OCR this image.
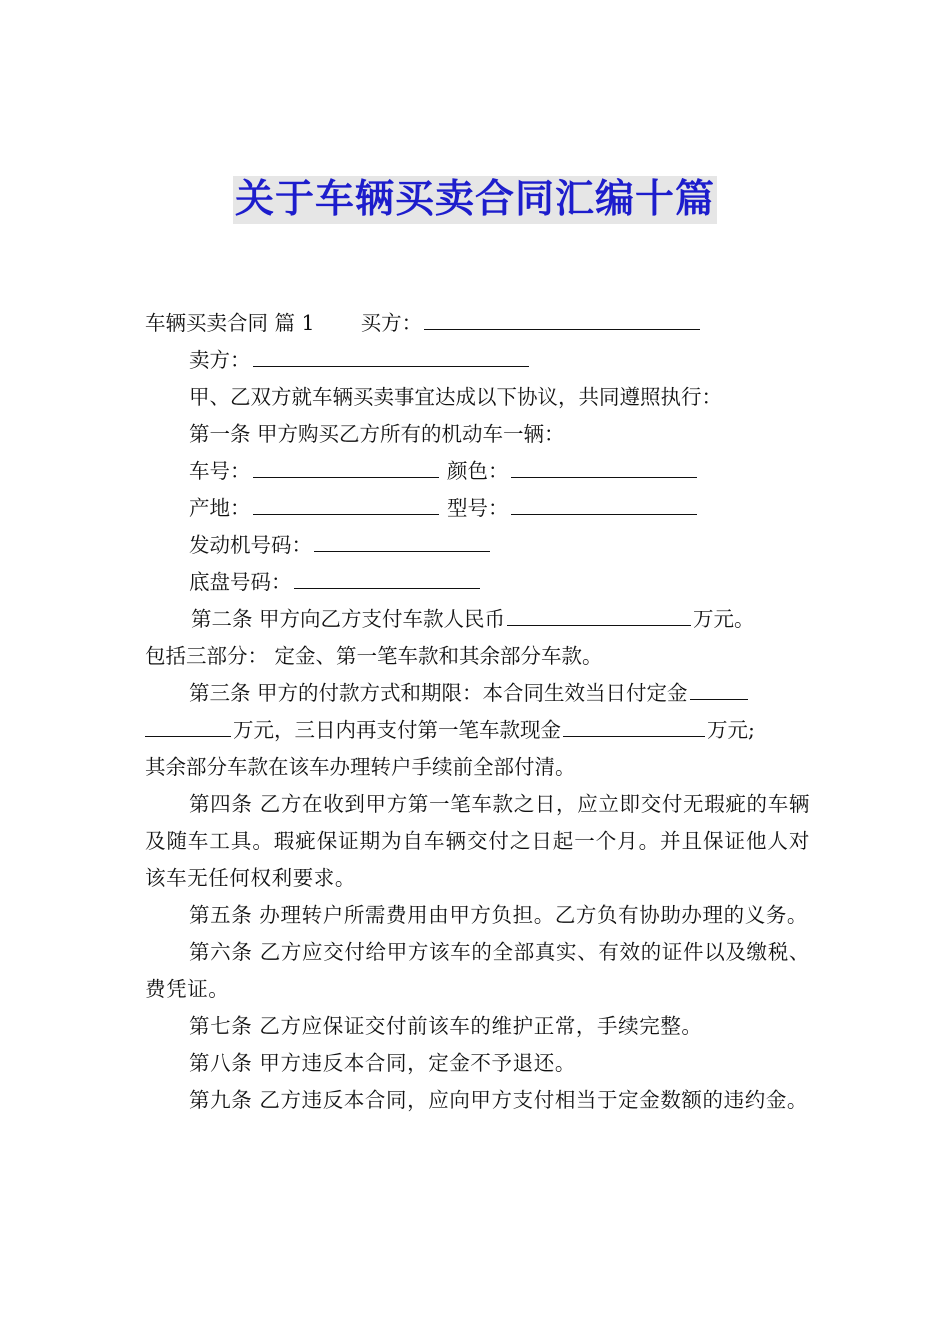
关于车辆买卖合同汇编十篇
车辆买卖合同 篇 1 买方：
卖方：
甲、乙双方就车辆买卖事宜达成以下协议，共同遵照执行：
第一条 甲方购买乙方所有的机动车一辆：
车号：	颜色：
产地：	型号：
发动机号码：
底盘号码：
第二条 甲方向乙方支付车款人民币	万元。
包括三部分： 定金、第一笔车款和其余部分车款。
第三条 甲方的付款方式和期限：本合同生效当日付定金
万元，三日内再支付第一笔车款现金	万元;
其余部分车款在该车办理转户手续前全部付清。
第四条 乙方在收到甲方第一笔车款之日，应立即交付无瑕疵的车辆及随车工具。瑕疵保证期为自车辆交付之日起一个月。并且保证他人对该车无任何权利要求。
第五条 办理转户所需费用由甲方负担。乙方负有协助办理的义务。
第六条 乙方应交付给甲方该车的全部真实、有效的证件以及缴税、费凭证。
第七条 乙方应保证交付前该车的维护正常，手续完整。
第八条 甲方违反本合同，定金不予退还。
第九条 乙方违反本合同，应向甲方支付相当于定金数额的违约金。
